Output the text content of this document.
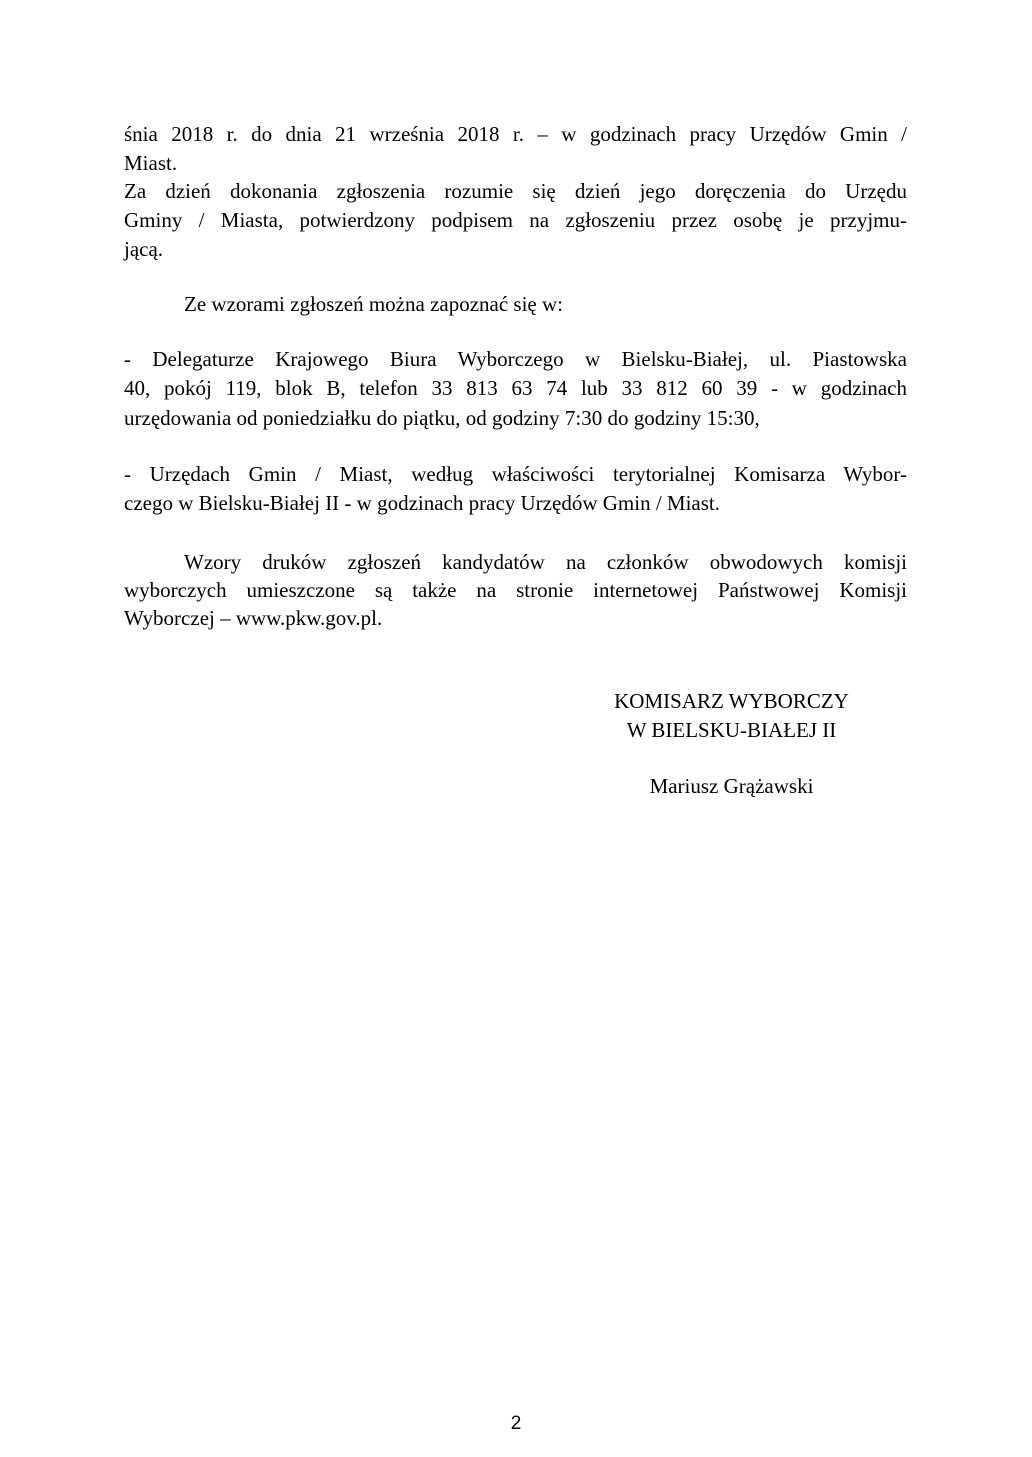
śnia 2018 r. do dnia 21 września 2018 r. – w godzinach pracy Urzędów Gmin /
Miast.
Za dzień dokonania zgłoszenia rozumie się dzień jego doręczenia do Urzędu
Gminy / Miasta, potwierdzony podpisem na zgłoszeniu przez osobę je przyjmu-
jącą.
Ze wzorami zgłoszeń można zapoznać się w:
- Delegaturze Krajowego Biura Wyborczego w Bielsku-Białej, ul. Piastowska
40, pokój 119, blok B, telefon 33 813 63 74 lub 33 812 60 39 ‑ w godzinach
urzędowania od poniedziałku do piątku, od godziny 7:30 do godziny 15:30,
- Urzędach Gmin / Miast, według właściwości terytorialnej Komisarza Wybor-
czego w Bielsku-Białej II ‑ w godzinach pracy Urzędów Gmin / Miast.
Wzory druków zgłoszeń kandydatów na członków obwodowych komisji
wyborczych umieszczone są także na stronie internetowej Państwowej Komisji
Wyborczej – www.pkw.gov.pl.
KOMISARZ WYBORCZY
W BIELSKU-BIAŁEJ II
Mariusz Grążawski
2
